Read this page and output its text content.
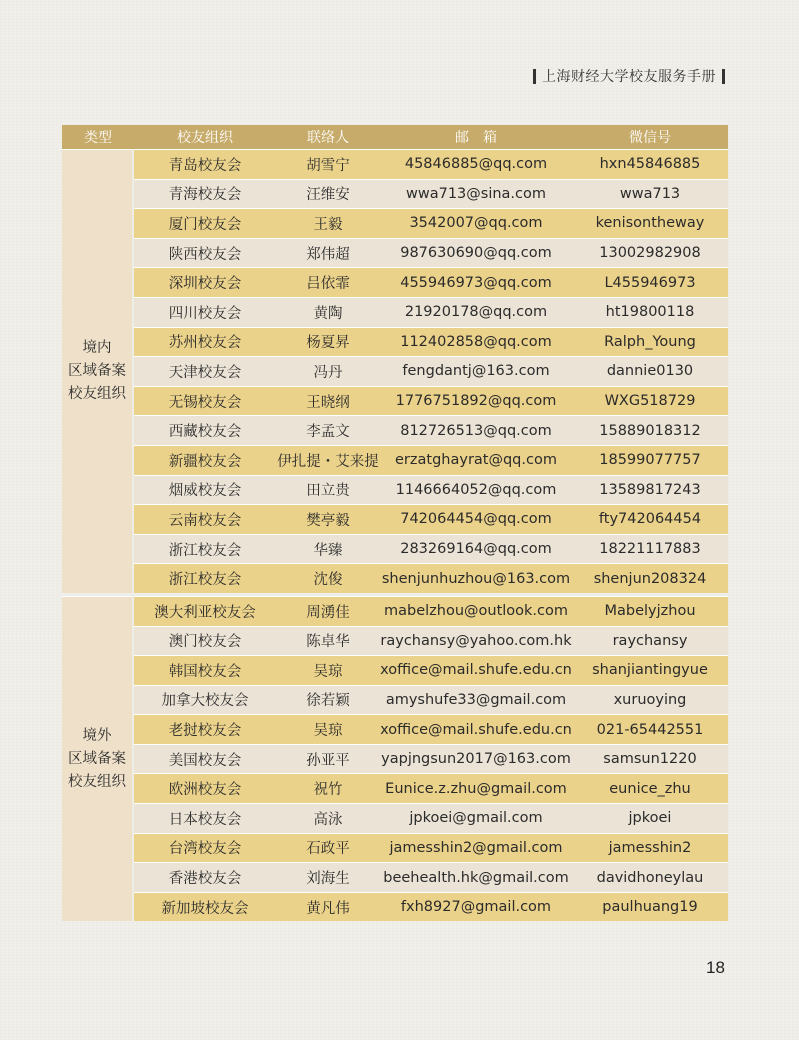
上海财经大学校友服务手册
类型	校友组织	联络人	邮　箱	微信号
境内
区域备案
校友组织
青岛校友会	胡雪宁	45846885@qq.com	hxn45846885
青海校友会	汪维安	wwa713@sina.com	wwa713
厦门校友会	王毅	3542007@qq.com	kenisontheway
陕西校友会	郑伟超	987630690@qq.com	13002982908
深圳校友会	吕依霏	455946973@qq.com	L455946973
四川校友会	黄陶	21920178@qq.com	ht19800118
苏州校友会	杨夏昇	112402858@qq.com	Ralph_Young
天津校友会	冯丹	fengdantj@163.com	dannie0130
无锡校友会	王晓纲	1776751892@qq.com	WXG518729
西藏校友会	李孟文	812726513@qq.com	15889018312
新疆校友会	伊扎提・艾来提	erzatghayrat@qq.com	18599077757
烟威校友会	田立贵	1146664052@qq.com	13589817243
云南校友会	樊亭毅	742064454@qq.com	fty742064454
浙江校友会	华臻	283269164@qq.com	18221117883
浙江校友会	沈俊	shenjunhuzhou@163.com	shenjun208324
境外
区域备案
校友组织
澳大利亚校友会	周湧佳	mabelzhou@outlook.com	Mabelyjzhou
澳门校友会	陈卓华	raychansy@yahoo.com.hk	raychansy
韩国校友会	吴琼	xoffice@mail.shufe.edu.cn	shanjiantingyue
加拿大校友会	徐若颖	amyshufe33@gmail.com	xuruoying
老挝校友会	吴琼	xoffice@mail.shufe.edu.cn	021-65442551
美国校友会	孙亚平	yapjngsun2017@163.com	samsun1220
欧洲校友会	祝竹	Eunice.z.zhu@gmail.com	eunice_zhu
日本校友会	高泳	jpkoei@gmail.com	jpkoei
台湾校友会	石政平	jamesshin2@gmail.com	jamesshin2
香港校友会	刘海生	beehealth.hk@gmail.com	davidhoneylau
新加坡校友会	黄凡伟	fxh8927@gmail.com	paulhuang19
18
